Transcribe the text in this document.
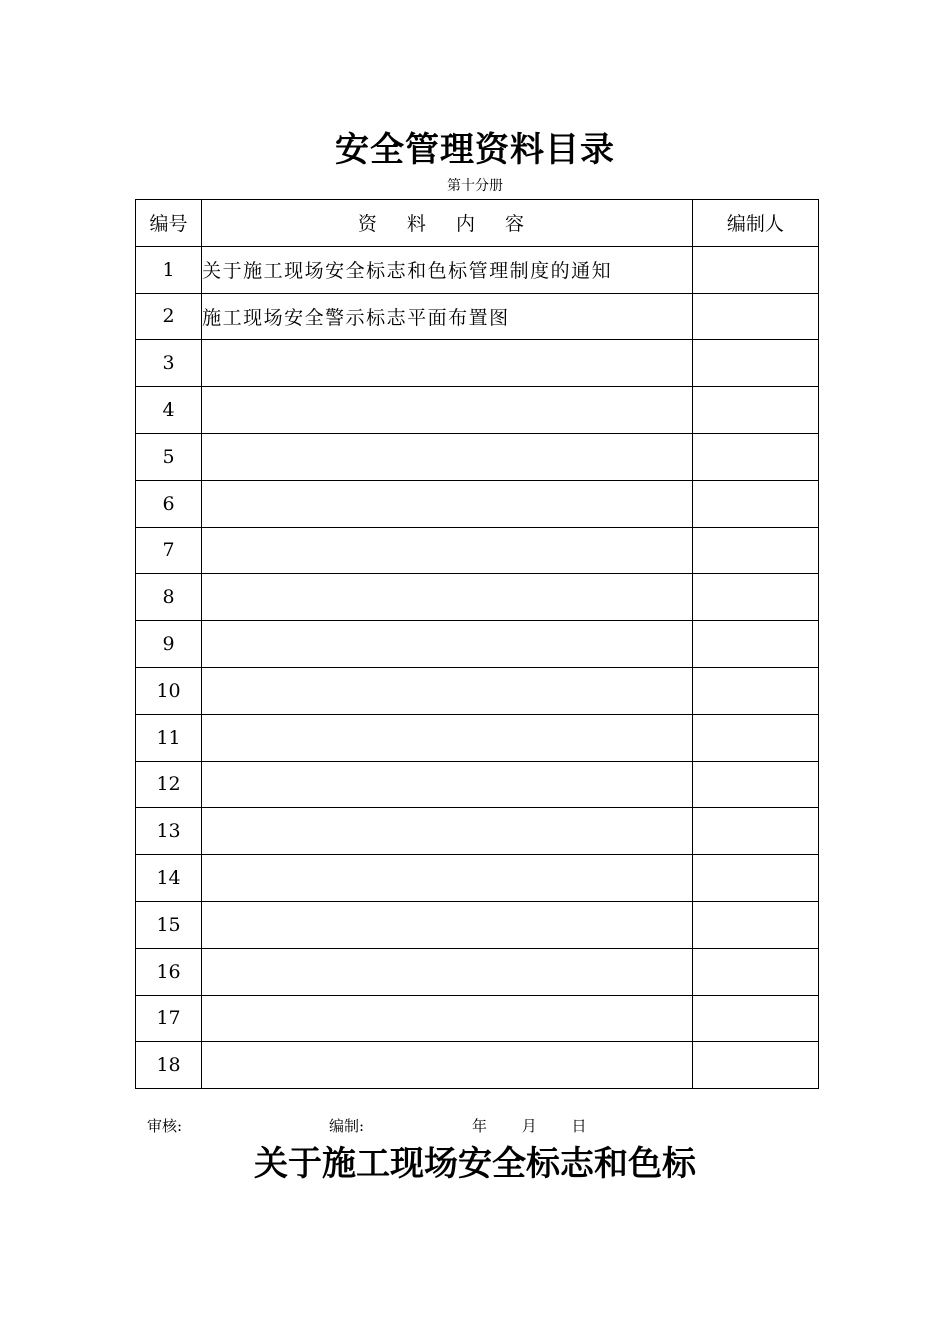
安全管理资料目录
第十分册
编号	资 料 内 容	编制人
1	关于施工现场安全标志和色标管理制度的通知	
2	施工现场安全警示标志平面布置图	
3		
4		
5		
6		
7		
8		
9		
10		
11		
12		
13		
14		
15		
16		
17		
18		
审核:	编制:	年 月 日
关于施工现场安全标志和色标
